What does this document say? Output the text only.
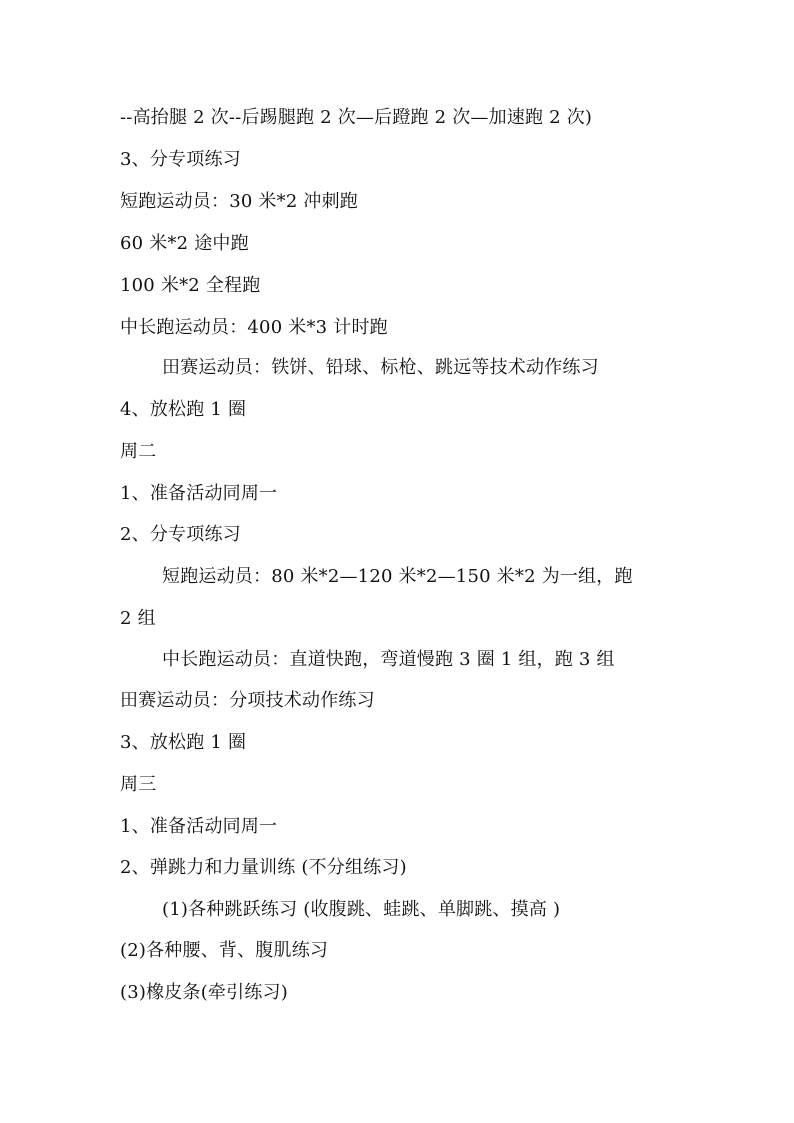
--高抬腿 2 次--后踢腿跑 2 次—后蹬跑 2 次—加速跑 2 次)
3、分专项练习
短跑运动员：30 米*2 冲刺跑
60 米*2 途中跑
100 米*2 全程跑
中长跑运动员：400 米*3 计时跑
田赛运动员：铁饼、铅球、标枪、跳远等技术动作练习
4、放松跑 1 圈
周二
1、准备活动同周一
2、分专项练习
短跑运动员：80 米*2—120 米*2—150 米*2 为一组，跑
2 组
中长跑运动员：直道快跑，弯道慢跑 3 圈 1 组，跑 3 组
田赛运动员：分项技术动作练习
3、放松跑 1 圈
周三
1、准备活动同周一
2、弹跳力和力量训练 (不分组练习)
(1)各种跳跃练习 (收腹跳、蛙跳、单脚跳、摸高 )
(2)各种腰、背、腹肌练习
(3)橡皮条(牵引练习)
